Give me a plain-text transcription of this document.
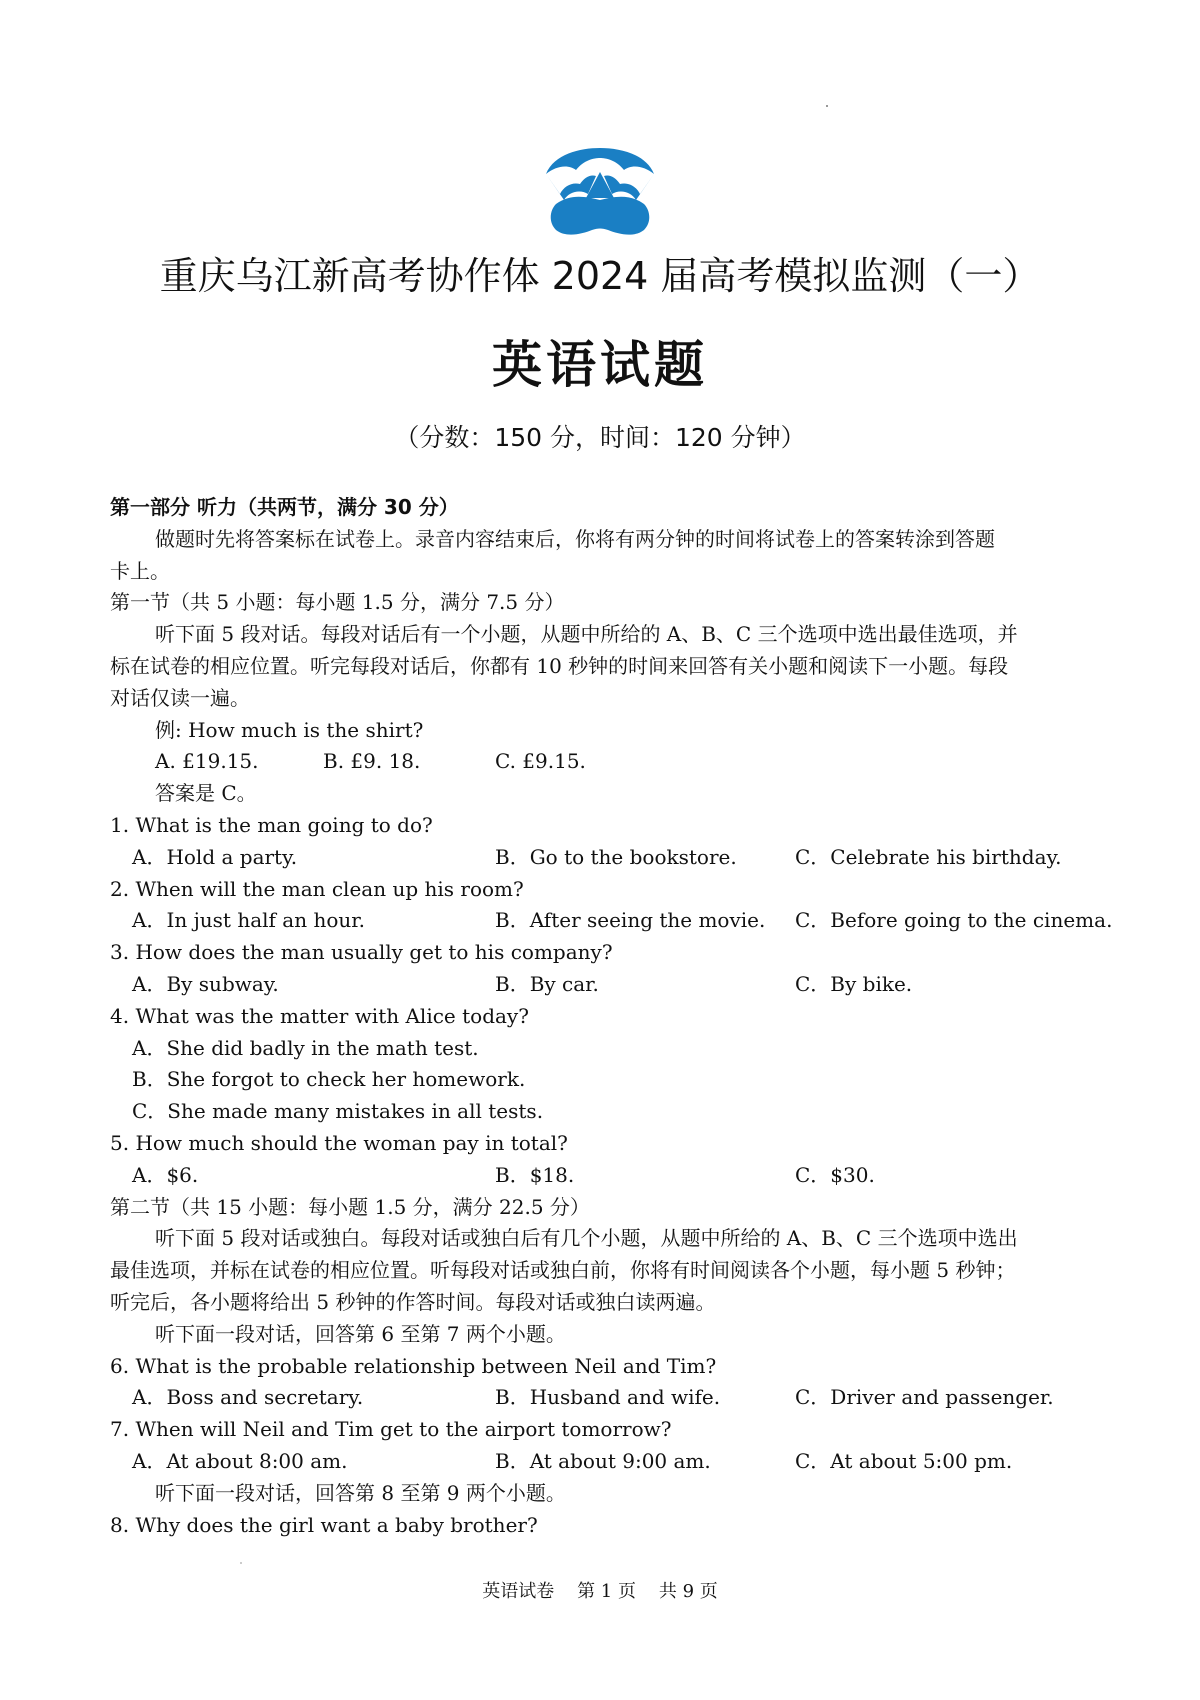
重庆乌江新高考协作体 2024 届高考模拟监测（一）
英语试题
（分数：150 分，时间：120 分钟）
第一部分 听力（共两节，满分 30 分）
做题时先将答案标在试卷上。录音内容结束后，你将有两分钟的时间将试卷上的答案转涂到答题
卡上。
第一节（共 5 小题：每小题 1.5 分，满分 7.5 分）
听下面 5 段对话。每段对话后有一个小题，从题中所给的 A、B、C 三个选项中选出最佳选项，并
标在试卷的相应位置。听完每段对话后，你都有 10 秒钟的时间来回答有关小题和阅读下一小题。每段
对话仅读一遍。
例: How much is the shirt?
A. £19.15.	B. £9. 18.	C. £9.15.
答案是 C。
1. What is the man going to do?
A．Hold a party.	B．Go to the bookstore.	C．Celebrate his birthday.
2. When will the man clean up his room?
A．In just half an hour.	B．After seeing the movie. C．Before going to the cinema.
3. How does the man usually get to his company?
A．By subway.	B．By car.	C．By bike.
4. What was the matter with Alice today?
A．She did badly in the math test.
B．She forgot to check her homework.
C．She made many mistakes in all tests.
5. How much should the woman pay in total?
A．$6.	B．$18.	C．$30.
第二节（共 15 小题：每小题 1.5 分，满分 22.5 分）
听下面 5 段对话或独白。每段对话或独白后有几个小题，从题中所给的 A、B、C 三个选项中选出
最佳选项，并标在试卷的相应位置。听每段对话或独白前，你将有时间阅读各个小题，每小题 5 秒钟；
听完后，各小题将给出 5 秒钟的作答时间。每段对话或独白读两遍。
听下面一段对话，回答第 6 至第 7 两个小题。
6. What is the probable relationship between Neil and Tim?
A．Boss and secretary.	B．Husband and wife.	C．Driver and passenger.
7. When will Neil and Tim get to the airport tomorrow?
A．At about 8:00 am.	B．At about 9:00 am.	C．At about 5:00 pm.
听下面一段对话，回答第 8 至第 9 两个小题。
8. Why does the girl want a baby brother?
英语试卷    第 1 页    共 9 页
